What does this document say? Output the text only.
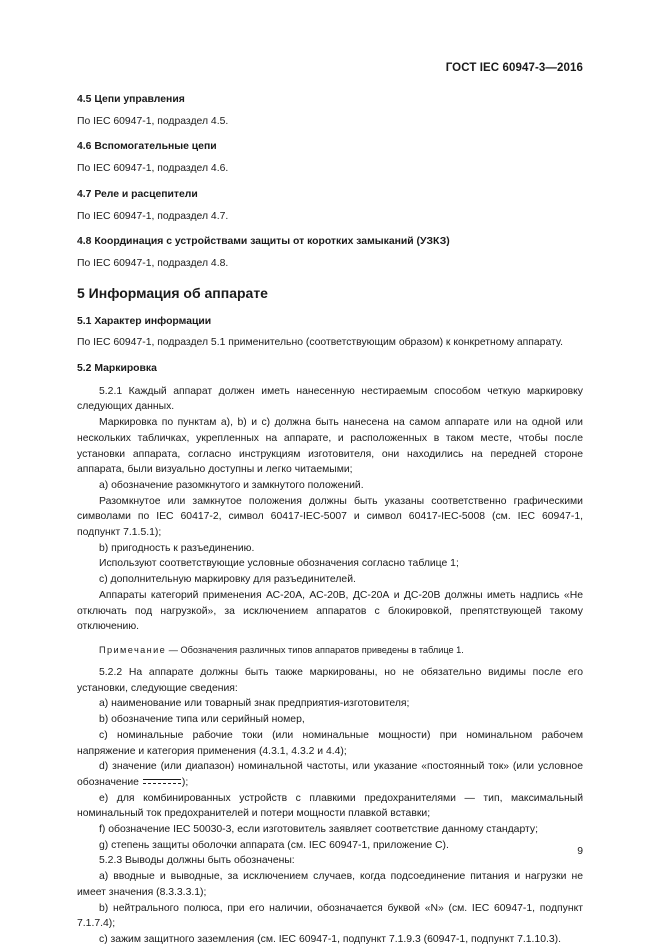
ГОСТ IEC 60947-3—2016

4.5 Цепи управления

По IEC 60947-1, подраздел 4.5.

4.6 Вспомогательные цепи

По IEC 60947-1, подраздел 4.6.

4.7 Реле и расцепители

По IEC 60947-1, подраздел 4.7.

4.8 Координация с устройствами защиты от коротких замыканий (УЗКЗ)

По IEC 60947-1, подраздел 4.8.

5 Информация об аппарате

5.1 Характер информации

По IEC 60947-1, подраздел 5.1 применительно (соответствующим образом) к конкретному аппарату.

5.2 Маркировка

5.2.1 Каждый аппарат должен иметь нанесенную нестираемым способом четкую маркировку следующих данных.

Маркировка по пунктам а), b) и с) должна быть нанесена на самом аппарате или на одной или нескольких табличках, укрепленных на аппарате, и расположенных в таком месте, чтобы после установки аппарата, согласно инструкциям изготовителя, они находились на передней стороне аппарата, были визуально доступны и легко читаемыми;

а) обозначение разомкнутого и замкнутого положений.

Разомкнутое или замкнутое положения должны быть указаны соответственно графическими символами по IEC 60417-2, символ 60417-IEC-5007 и символ 60417-IEC-5008 (см. IEC 60947-1, подпункт 7.1.5.1);

b) пригодность к разъединению.

Используют соответствующие условные обозначения согласно таблице 1;

с) дополнительную маркировку для разъединителей.

Аппараты категорий применения АС-20А, АС-20В, ДС-20А и ДС-20В должны иметь надпись «Не отключать под нагрузкой», за исключением аппаратов с блокировкой, препятствующей такому отключению.

Примечание — Обозначения различных типов аппаратов приведены в таблице 1.

5.2.2 На аппарате должны быть также маркированы, но не обязательно видимы после его установки, следующие сведения:

а) наименование или товарный знак предприятия-изготовителя;

b) обозначение типа или серийный номер,

с) номинальные рабочие токи (или номинальные мощности) при номинальном рабочем напряжение и категория применения (4.3.1, 4.3.2 и 4.4);

d) значение (или диапазон) номинальной частоты, или указание «постоянный ток» (или условное обозначение	);

е) для комбинированных устройств с плавкими предохранителями — тип, максимальный номинальный ток предохранителей и потери мощности плавкой вставки;

f) обозначение IEC 50030-3, если изготовитель заявляет соответствие данному стандарту;

g) степень защиты оболочки аппарата (см. IEC 60947-1, приложение С).

5.2.3 Выводы должны быть обозначены:

а) вводные и выводные, за исключением случаев, когда подсоединение питания и нагрузки не имеет значения (8.3.3.3.1);

b) нейтрального полюса, при его наличии, обозначается буквой «N» (см. IEC 60947-1, подпункт 7.1.7.4);

с) зажим защитного заземления (см. IEC 60947-1, подпункт 7.1.9.3 (60947-1, подпункт 7.1.10.3).

9
